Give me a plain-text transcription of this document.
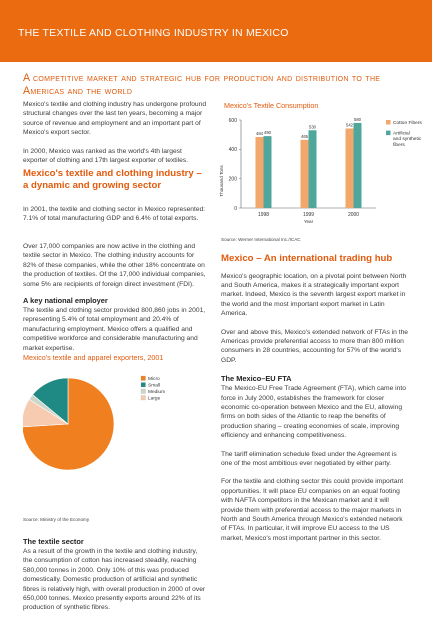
THE TEXTILE AND CLOTHING INDUSTRY IN MEXICO
A competitive market and strategic hub for production and distribution to the Americas and the world

Mexico's textile and clothing industry has undergone profound structural changes over the last ten years, becoming a major source of revenue and employment and an important part of Mexico's export sector.

In 2000, Mexico was ranked as the world's 4th largest exporter of clothing and 17th largest exporter of textiles.

Mexico's textile and clothing industry – a dynamic and growing sector

In 2001, the textile and clothing sector in Mexico represented: 7.1% of total manufacturing GDP and 6.4% of total exports.

Over 17,000 companies are now active in the clothing and textile sector in Mexico. The clothing industry accounts for 82% of these companies, while the other 18% concentrate on the production of textiles. Of the 17,000 individual companies, some 5% are recipients of foreign direct investment (FDI).

A key national employer

The textile and clothing sector provided 800,860 jobs in 2001, representing 5.4% of total employment and 20.4% of manufacturing employment. Mexico offers a qualified and competitive workforce and considerable manufacturing and market expertise.

Mexico's textile and apparel exporters, 2001
Micro
Small
Medium
Large
Source: Ministry of the Economy
The textile sector

As a result of the growth in the textile and clothing industry, the consumption of cotton has increased steadily, reaching 580,000 tonnes in 2000. Only 10% of this was produced domestically. Domestic production of artificial and synthetic fibres is relatively high, with overall production in 2000 of over 650,000 tonnes. Mexico presently exports around 22% of its production of synthetic fibres.

Mexico's Textile Consumption
Thousand Tons
0
200
400
600
Year
1998	1999	2000
484 490
465
530	542
580
Cotton Fibers
Artificial
and synthetic
fibers
Source: Werner International Inc./ICAC
Mexico – An international trading hub

Mexico's geographic location, on a pivotal point between North and South America, makes it a strategically important export market. Indeed, Mexico is the seventh largest export market in the world and the most important export market in Latin America.

Over and above this, Mexico's extended network of FTAs in the Americas provide preferential access to more than 800 million consumers in 28 countries, accounting for 57% of the world's GDP.

The Mexico–EU FTA

The Mexico-EU Free Trade Agreement (FTA), which came into force in July 2000, establishes the framework for closer economic co-operation between Mexico and the EU, allowing firms on both sides of the Atlantic to reap the benefits of production sharing – creating economies of scale, improving efficiency and enhancing competitiveness.

The tariff elimination schedule fixed under the Agreement is one of the most ambitious ever negotiated by either party.

For the textile and clothing sector this could provide important opportunities. It will place EU companies on an equal footing with NAFTA competitors in the Mexican market and it will provide them with preferential access to the major markets in North and South America through Mexico's extended network of FTAs. In particular, it will improve EU access to the US market, Mexico's most important partner in this sector.
